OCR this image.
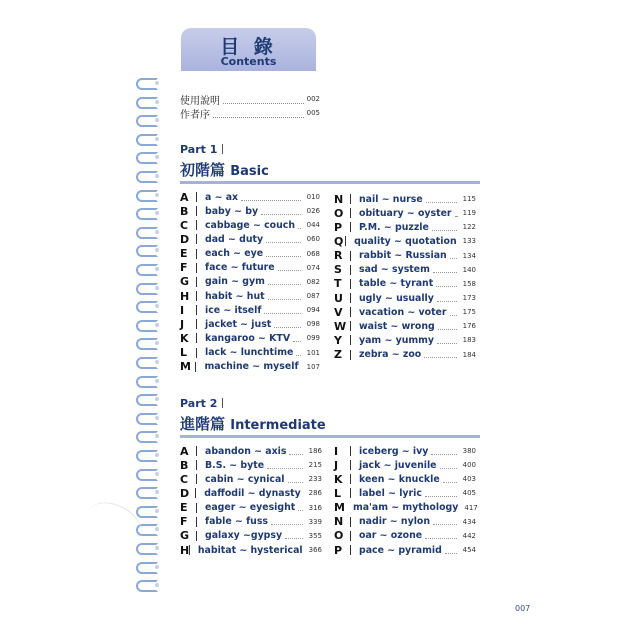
目 錄
Contents
使用說明	002
作者序	005
Part 1
初階篇 Basic
A	a ~ ax	010
B	baby ~ by	026
C	cabbage ~ couch	044
D	dad ~ duty	060
E	each ~ eye	068
F	face ~ future	074
G	gain ~ gym	082
H	habit ~ hut	087
I	ice ~ itself	094
J	jacket ~ just	098
K	kangaroo ~ KTV	099
L	lack ~ lunchtime	101
M	machine ~ myself	107
N	nail ~ nurse	115
O	obituary ~ oyster	119
P	P.M. ~ puzzle	122
Q quality ~ quotation 133
R	rabbit ~ Russian	134
S	sad ~ system	140
T	table ~ tyrant	158
U	ugly ~ usually	173
V	vacation ~ voter	175
W	waist ~ wrong	176
Y	yam ~ yummy	183
Z	zebra ~ zoo	184
Part 2
進階篇 Intermediate
A	abandon ~ axis	186
B	B.S. ~ byte	215
C	cabin ~ cynical	233
D	daffodil ~ dynasty 286
E	eager ~ eyesight	316
F	fable ~ fuss	339
G	galaxy ~gypsy	355
H habitat ~ hysterical 366
I	iceberg ~ ivy	380
J	jack ~ juvenile	400
K	keen ~ knuckle	403
L	label ~ lyric	405
M ma'am ~ mythology 417
N	nadir ~ nylon	434
O	oar ~ ozone	442
P	pace ~ pyramid	454
007
